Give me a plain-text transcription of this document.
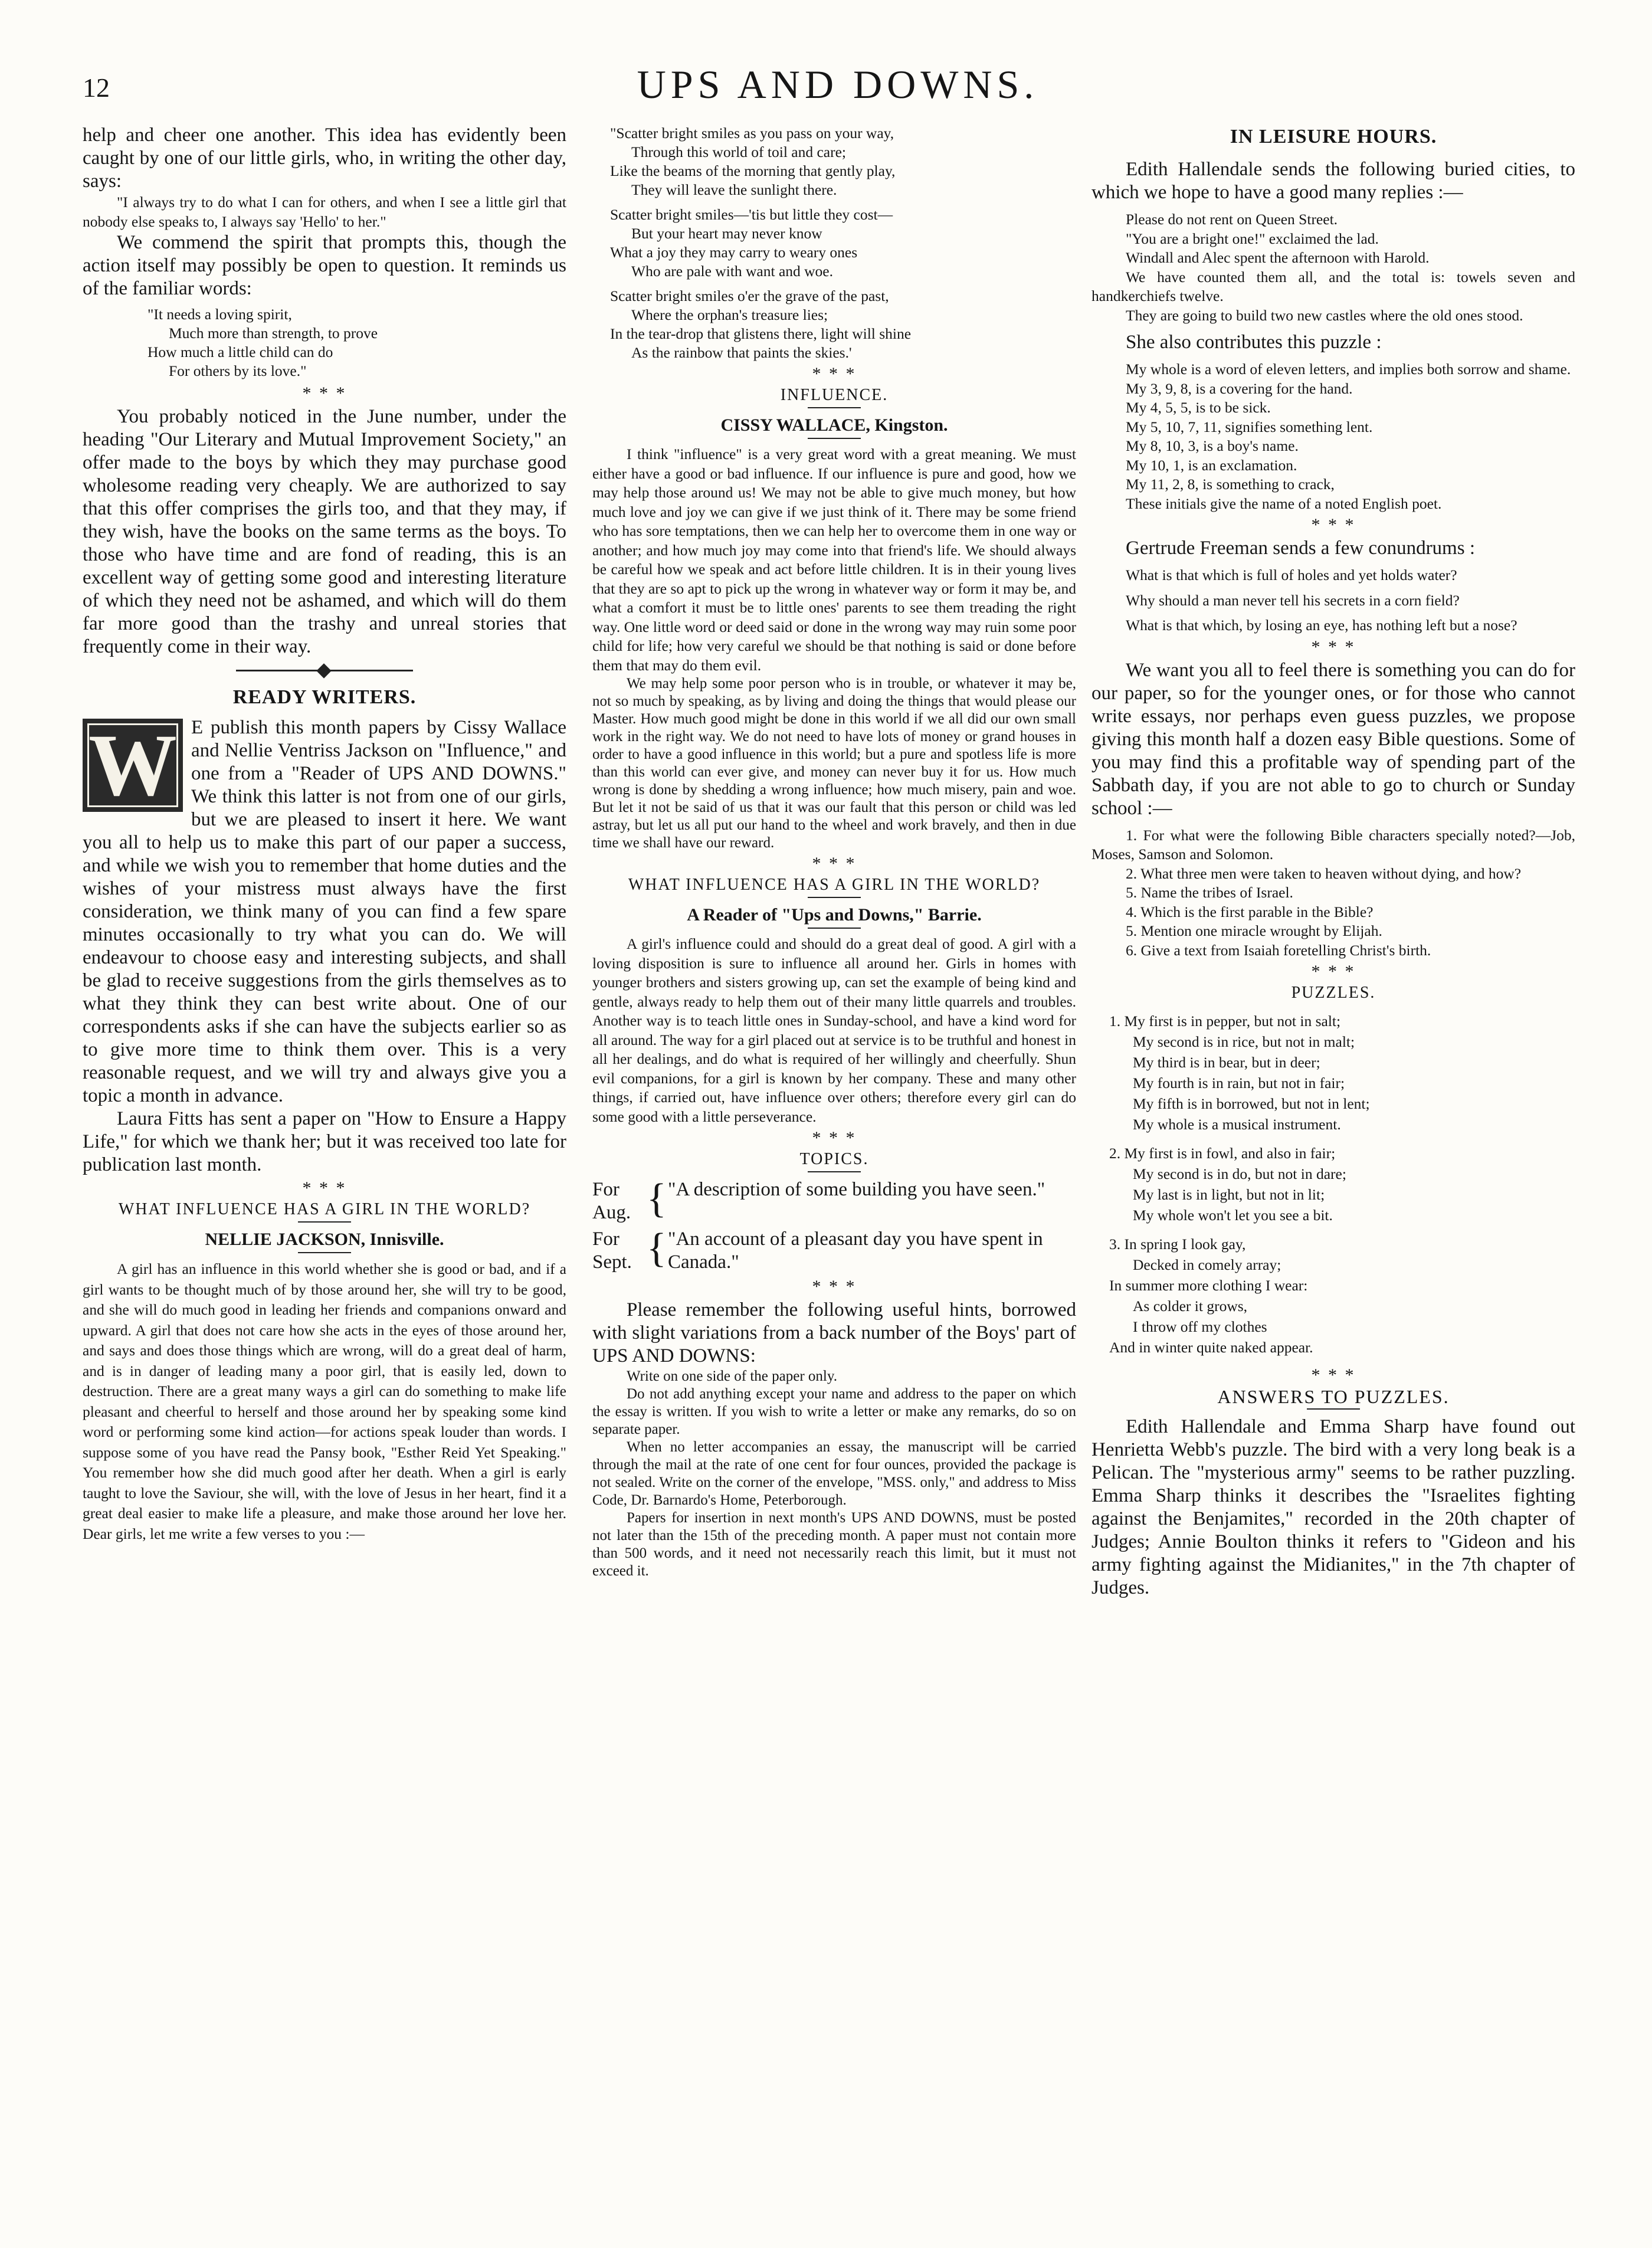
12	UPS AND DOWNS.

help and cheer one another. This idea has evidently been caught by one of our little girls, who, in writing the other day, says:

"I always try to do what I can for others, and when I see a little girl that nobody else speaks to, I always say 'Hello' to her."

We commend the spirit that prompts this, though the action itself may possibly be open to question. It reminds us of the familiar words:

"It needs a loving spirit,
Much more than strength, to prove
How much a little child can do
For others by its love."
* * *

You probably noticed in the June number, under the heading "Our Literary and Mutual Improvement Society," an offer made to the boys by which they may purchase good wholesome reading very cheaply. We are authorized to say that this offer comprises the girls too, and that they may, if they wish, have the books on the same terms as the boys. To those who have time and are fond of reading, this is an excellent way of getting some good and interesting literature of which they need not be ashamed, and which will do them far more good than the trashy and unreal stories that frequently come in their way.

READY WRITERS.

W E publish this month papers by Cissy Wallace and Nellie Ventriss Jackson on "Influence," and one from a "Reader of UPS AND DOWNS." We think this latter is not from one of our girls, but we are pleased to insert it here. We want you all to help us to make this part of our paper a success, and while we wish you to remember that home duties and the wishes of your mistress must always have the first consideration, we think many of you can find a few spare minutes occasionally to try what you can do. We will endeavour to choose easy and interesting subjects, and shall be glad to receive suggestions from the girls themselves as to what they think they can best write about. One of our correspondents asks if she can have the subjects earlier so as to give more time to think them over. This is a very reasonable request, and we will try and always give you a topic a month in advance.

Laura Fitts has sent a paper on "How to Ensure a Happy Life," for which we thank her; but it was received too late for publication last month.

* * *
WHAT INFLUENCE HAS A GIRL IN THE WORLD?
NELLIE JACKSON, Innisville.

A girl has an influence in this world whether she is good or bad, and if a girl wants to be thought much of by those around her, she will try to be good, and she will do much good in leading her friends and companions onward and upward. A girl that does not care how she acts in the eyes of those around her, and says and does those things which are wrong, will do a great deal of harm, and is in danger of leading many a poor girl, that is easily led, down to destruction. There are a great many ways a girl can do something to make life pleasant and cheerful to herself and those around her by speaking some kind word or performing some kind action—for actions speak louder than words. I suppose some of you have read the Pansy book, "Esther Reid Yet Speaking." You remember how she did much good after her death. When a girl is early taught to love the Saviour, she will, with the love of Jesus in her heart, find it a great deal easier to make life a pleasure, and make those around her love her. Dear girls, let me write a few verses to you :—

"Scatter bright smiles as you pass on your way,
Through this world of toil and care;
Like the beams of the morning that gently play,
They will leave the sunlight there.
Scatter bright smiles—'tis but little they cost—
But your heart may never know
What a joy they may carry to weary ones
Who are pale with want and woe.
Scatter bright smiles o'er the grave of the past,
Where the orphan's treasure lies;
In the tear-drop that glistens there, light will shine
As the rainbow that paints the skies.'
* * *
INFLUENCE.
CISSY WALLACE, Kingston.

I think "influence" is a very great word with a great meaning. We must either have a good or bad influence. If our influence is pure and good, how we may help those around us! We may not be able to give much money, but how much love and joy we can give if we just think of it. There may be some friend who has sore temptations, then we can help her to overcome them in one way or another; and how much joy may come into that friend's life. We should always be careful how we speak and act before little children. It is in their young lives that they are so apt to pick up the wrong in whatever way or form it may be, and what a comfort it must be to little ones' parents to see them treading the right way. One little word or deed said or done in the wrong way may ruin some poor child for life; how very careful we should be that nothing is said or done before them that may do them evil.

We may help some poor person who is in trouble, or whatever it may be, not so much by speaking, as by living and doing the things that would please our Master. How much good might be done in this world if we all did our own small work in the right way. We do not need to have lots of money or grand houses in order to have a good influence in this world; but a pure and spotless life is more than this world can ever give, and money can never buy it for us. How much wrong is done by shedding a wrong influence; how much misery, pain and woe. But let it not be said of us that it was our fault that this person or child was led astray, but let us all put our hand to the wheel and work bravely, and then in due time we shall have our reward.

* * *
WHAT INFLUENCE HAS A GIRL IN THE WORLD?
A Reader of "Ups and Downs," Barrie.

A girl's influence could and should do a great deal of good. A girl with a loving disposition is sure to influence all around her. Girls in homes with younger brothers and sisters growing up, can set the example of being kind and gentle, always ready to help them out of their many little quarrels and troubles. Another way is to teach little ones in Sunday-school, and have a kind word for all around. The way for a girl placed out at service is to be truthful and honest in all her dealings, and do what is required of her willingly and cheerfully. Shun evil companions, for a girl is known by her company. These and many other things, if carried out, have influence over others; therefore every girl can do some good with a little perseverance.

* * *
TOPICS.
For Aug. { "A description of some building you have seen."
For Sept. { "An account of a pleasant day you have spent in Canada."
* * *

Please remember the following useful hints, borrowed with slight variations from a back number of the Boys' part of UPS AND DOWNS:

Write on one side of the paper only.

Do not add anything except your name and address to the paper on which the essay is written. If you wish to write a letter or make any remarks, do so on separate paper.

When no letter accompanies an essay, the manuscript will be carried through the mail at the rate of one cent for four ounces, provided the package is not sealed. Write on the corner of the envelope, "MSS. only," and address to Miss Code, Dr. Barnardo's Home, Peterborough.

Papers for insertion in next month's UPS AND DOWNS, must be posted not later than the 15th of the preceding month. A paper must not contain more than 500 words, and it need not necessarily reach this limit, but it must not exceed it.

IN LEISURE HOURS.

Edith Hallendale sends the following buried cities, to which we hope to have a good many replies :—

Please do not rent on Queen Street.

"You are a bright one!" exclaimed the lad.

Windall and Alec spent the afternoon with Harold.

We have counted them all, and the total is: towels seven and handkerchiefs twelve.

They are going to build two new castles where the old ones stood.

She also contributes this puzzle :

My whole is a word of eleven letters, and implies both sorrow and shame.

My 3, 9, 8, is a covering for the hand.

My 4, 5, 5, is to be sick.

My 5, 10, 7, 11, signifies something lent.

My 8, 10, 3, is a boy's name.

My 10, 1, is an exclamation.

My 11, 2, 8, is something to crack,

These initials give the name of a noted English poet.

* * *

Gertrude Freeman sends a few conundrums :

What is that which is full of holes and yet holds water?

Why should a man never tell his secrets in a corn field?

What is that which, by losing an eye, has nothing left but a nose?

* * *

We want you all to feel there is something you can do for our paper, so for the younger ones, or for those who cannot write essays, nor perhaps even guess puzzles, we propose giving this month half a dozen easy Bible questions. Some of you may find this a profitable way of spending part of the Sabbath day, if you are not able to go to church or Sunday school :—

1. For what were the following Bible characters specially noted?—Job, Moses, Samson and Solomon.

2. What three men were taken to heaven without dying, and how?

5. Name the tribes of Israel.

4. Which is the first parable in the Bible?

5. Mention one miracle wrought by Elijah.

6. Give a text from Isaiah foretelling Christ's birth.

* * *
PUZZLES.
1. My first is in pepper, but not in salt;
My second is in rice, but not in malt;
My third is in bear, but in deer;
My fourth is in rain, but not in fair;
My fifth is in borrowed, but not in lent;
My whole is a musical instrument.
2. My first is in fowl, and also in fair;
My second is in do, but not in dare;
My last is in light, but not in lit;
My whole won't let you see a bit.
3. In spring I look gay,
Decked in comely array;
In summer more clothing I wear:
As colder it grows,
I throw off my clothes
And in winter quite naked appear.
* * *
ANSWERS TO PUZZLES.

Edith Hallendale and Emma Sharp have found out Henrietta Webb's puzzle. The bird with a very long beak is a Pelican. The "mysterious army" seems to be rather puzzling. Emma Sharp thinks it describes the "Israelites fighting against the Benjamites," recorded in the 20th chapter of Judges; Annie Boulton thinks it refers to "Gideon and his army fighting against the Midianites," in the 7th chapter of Judges.
